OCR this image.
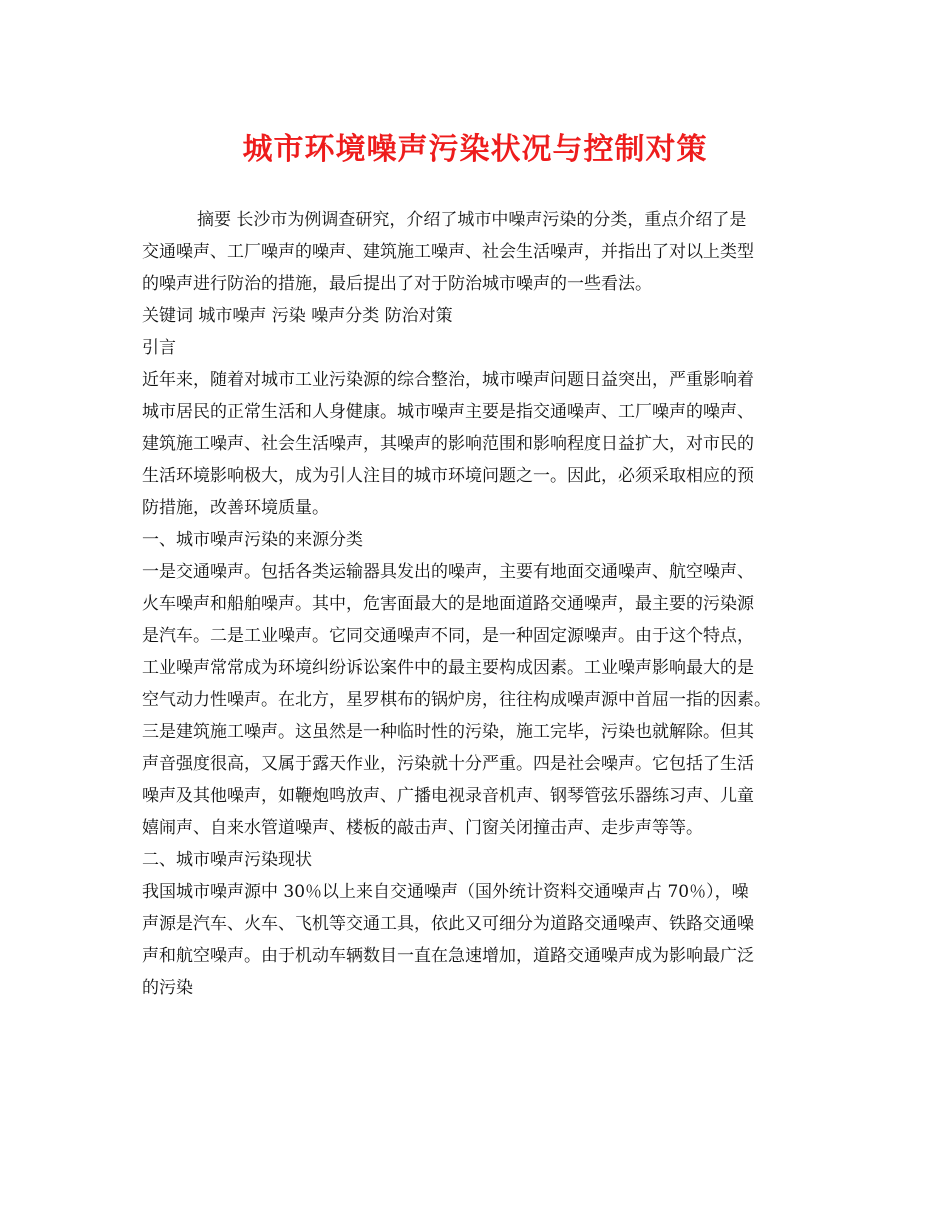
城市环境噪声污染状况与控制对策
摘要 长沙市为例调查研究，介绍了城市中噪声污染的分类，重点介绍了是
交通噪声、工厂噪声的噪声、建筑施工噪声、社会生活噪声，并指出了对以上类型
的噪声进行防治的措施，最后提出了对于防治城市噪声的一些看法。
关键词 城市噪声 污染 噪声分类 防治对策
引言
近年来，随着对城市工业污染源的综合整治，城市噪声问题日益突出，严重影响着
城市居民的正常生活和人身健康。城市噪声主要是指交通噪声、工厂噪声的噪声、
建筑施工噪声、社会生活噪声，其噪声的影响范围和影响程度日益扩大，对市民的
生活环境影响极大，成为引人注目的城市环境问题之一。因此，必须采取相应的预
防措施，改善环境质量。
一、城市噪声污染的来源分类
一是交通噪声。包括各类运输器具发出的噪声，主要有地面交通噪声、航空噪声、
火车噪声和船舶噪声。其中，危害面最大的是地面道路交通噪声，最主要的污染源
是汽车。二是工业噪声。它同交通噪声不同，是一种固定源噪声。由于这个特点，
工业噪声常常成为环境纠纷诉讼案件中的最主要构成因素。工业噪声影响最大的是
空气动力性噪声。在北方，星罗棋布的锅炉房，往往构成噪声源中首屈一指的因素。
三是建筑施工噪声。这虽然是一种临时性的污染，施工完毕，污染也就解除。但其
声音强度很高，又属于露天作业，污染就十分严重。四是社会噪声。它包括了生活
噪声及其他噪声，如鞭炮鸣放声、广播电视录音机声、钢琴管弦乐器练习声、儿童
嬉闹声、自来水管道噪声、楼板的敲击声、门窗关闭撞击声、走步声等等。
二、城市噪声污染现状
我国城市噪声源中 30％以上来自交通噪声（国外统计资料交通噪声占 70％），噪
声源是汽车、火车、飞机等交通工具，依此又可细分为道路交通噪声、铁路交通噪
声和航空噪声。由于机动车辆数目一直在急速增加，道路交通噪声成为影响最广泛
的污染
